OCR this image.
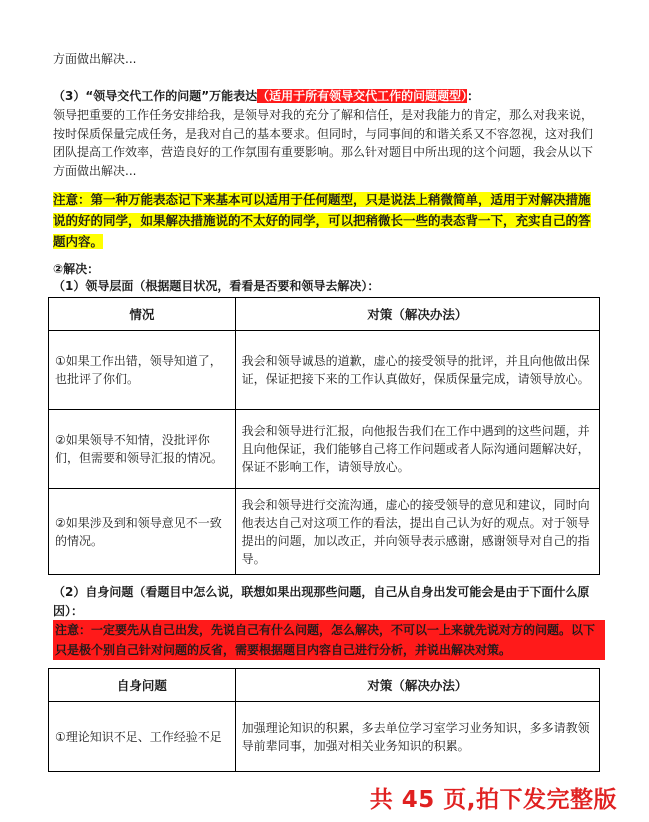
方面做出解决...
（3）“领导交代工作的问题”万能表达（适用于所有领导交代工作的问题题型）：
领导把重要的工作任务安排给我，是领导对我的充分了解和信任，是对我能力的肯定，那么对我来说，按时保质保量完成任务，是我对自己的基本要求。但同时，与同事间的和谐关系又不容忽视，这对我们团队提高工作效率，营造良好的工作氛围有重要影响。那么针对题目中所出现的这个问题，我会从以下方面做出解决...
注意：第一种万能表态记下来基本可以适用于任何题型，只是说法上稍微简单，适用于对解决措施说的好的同学，如果解决措施说的不太好的同学，可以把稍微长一些的表态背一下，充实自己的答题内容。
②解决：
（1）领导层面（根据题目状况，看看是否要和领导去解决）：
情况	对策（解决办法）
①如果工作出错，领导知道了，也批评了你们。	我会和领导诚恳的道歉，虚心的接受领导的批评，并且向他做出保证，保证把接下来的工作认真做好，保质保量完成，请领导放心。
②如果领导不知情，没批评你们，但需要和领导汇报的情况。	我会和领导进行汇报，向他报告我们在工作中遇到的这些问题，并且向他保证，我们能够自己将工作问题或者人际沟通问题解决好，保证不影响工作，请领导放心。
②如果涉及到和领导意见不一致的情况。	我会和领导进行交流沟通，虚心的接受领导的意见和建议，同时向他表达自己对这项工作的看法，提出自己认为好的观点。对于领导提出的问题，加以改正，并向领导表示感谢，感谢领导对自己的指导。
（2）自身问题（看题目中怎么说，联想如果出现那些问题，自己从自身出发可能会是由于下面什么原因）：
注意：一定要先从自己出发，先说自己有什么问题，怎么解决，不可以一上来就先说对方的问题。以下只是极个别自己针对问题的反省，需要根据题目内容自己进行分析，并说出解决对策。
自身问题	对策（解决办法）
①理论知识不足、工作经验不足	加强理论知识的积累，多去单位学习室学习业务知识，多多请教领导前辈同事，加强对相关业务知识的积累。
共 45 页,拍下发完整版
